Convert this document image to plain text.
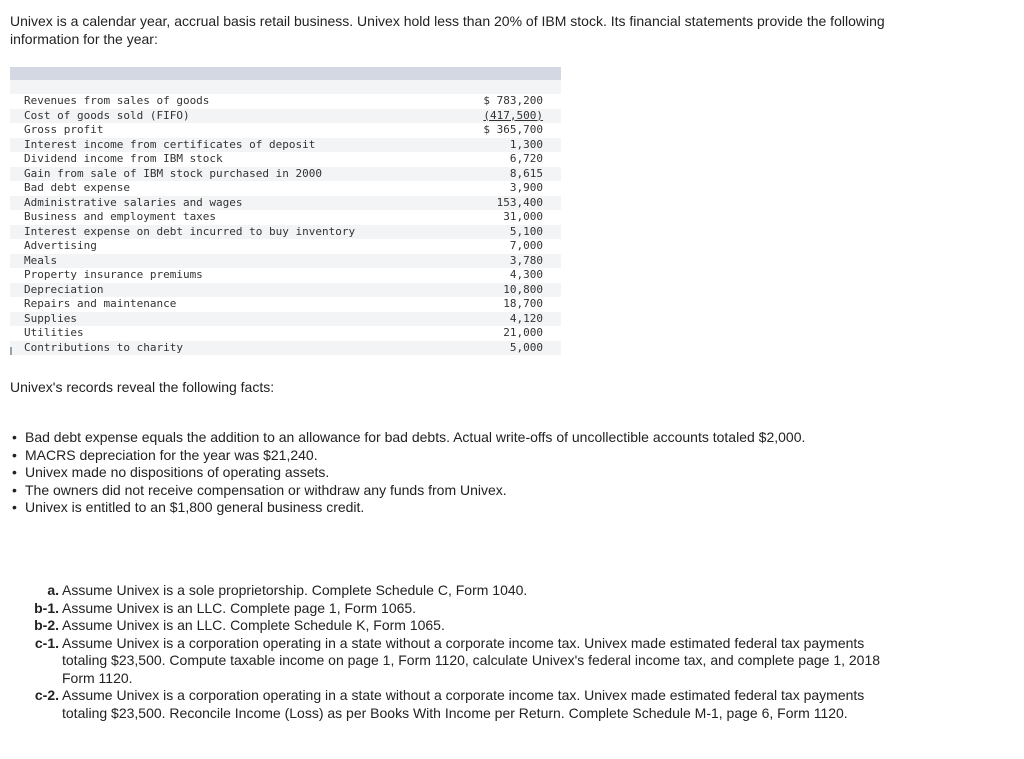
Univex is a calendar year, accrual basis retail business. Univex hold less than 20% of IBM stock. Its financial statements provide the following information for the year:

Revenues from sales of goods	$ 783,200
Cost of goods sold (FIFO)	(417,500)
Gross profit	$ 365,700
Interest income from certificates of deposit	1,300
Dividend income from IBM stock	6,720
Gain from sale of IBM stock purchased in 2000	8,615
Bad debt expense	3,900
Administrative salaries and wages	153,400
Business and employment taxes	31,000
Interest expense on debt incurred to buy inventory	5,100
Advertising	7,000
Meals	3,780
Property insurance premiums	4,300
Depreciation	10,800
Repairs and maintenance	18,700
Supplies	4,120
Utilities	21,000
Contributions to charity	5,000

Univex's records reveal the following facts:

• Bad debt expense equals the addition to an allowance for bad debts. Actual write-offs of uncollectible accounts totaled $2,000.
• MACRS depreciation for the year was $21,240.
• Univex made no dispositions of operating assets.
• The owners did not receive compensation or withdraw any funds from Univex.
• Univex is entitled to an $1,800 general business credit.
a. Assume Univex is a sole proprietorship. Complete Schedule C, Form 1040.
b-1. Assume Univex is an LLC. Complete page 1, Form 1065.
b-2. Assume Univex is an LLC. Complete Schedule K, Form 1065.
c-1. Assume Univex is a corporation operating in a state without a corporate income tax. Univex made estimated federal tax payments totaling $23,500. Compute taxable income on page 1, Form 1120, calculate Univex's federal income tax, and complete page 1, 2018 Form 1120.
c-2. Assume Univex is a corporation operating in a state without a corporate income tax. Univex made estimated federal tax payments totaling $23,500. Reconcile Income (Loss) as per Books With Income per Return. Complete Schedule M-1, page 6, Form 1120.
